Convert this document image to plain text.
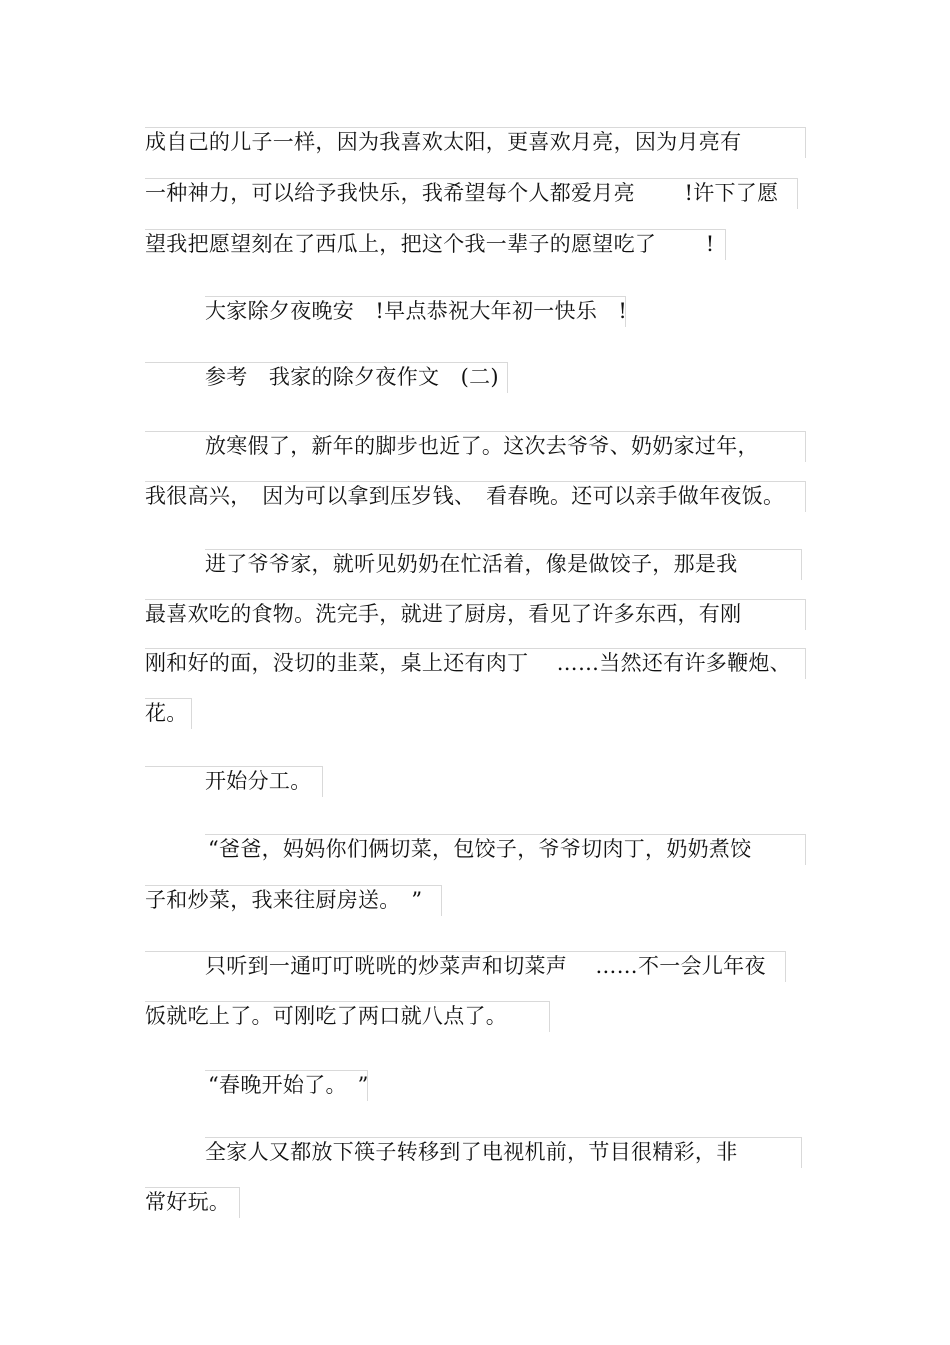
成自己的儿子一样，因为我喜欢太阳，更喜欢月亮，因为月亮有
一种神力，可以给予我快乐，我希望每个人都爱月亮　　 !许下了愿
望我把愿望刻在了西瓜上，把这个我一辈子的愿望吃了　　 !
大家除夕夜晚安　!早点恭祝大年初一快乐　!
参考　我家的除夕夜作文　(二)
放寒假了，新年的脚步也近了。这次去爷爷、奶奶家过年，
我很高兴，　因为可以拿到压岁钱、　看春晚。还可以亲手做年夜饭。
进了爷爷家，就听见奶奶在忙活着，像是做饺子，那是我
最喜欢吃的食物。洗完手，就进了厨房，看见了许多东西，有刚
刚和好的面，没切的韭菜，桌上还有肉丁　 ……当然还有许多鞭炮、
花。
开始分工。
“爸爸，妈妈你们俩切菜，包饺子，爷爷切肉丁，奶奶煮饺
子和炒菜，我来往厨房送。　”
只听到一通叮叮咣咣的炒菜声和切菜声　 ……不一会儿年夜
饭就吃上了。可刚吃了两口就八点了。
“春晚开始了。　”
全家人又都放下筷子转移到了电视机前，节目很精彩，非
常好玩。
